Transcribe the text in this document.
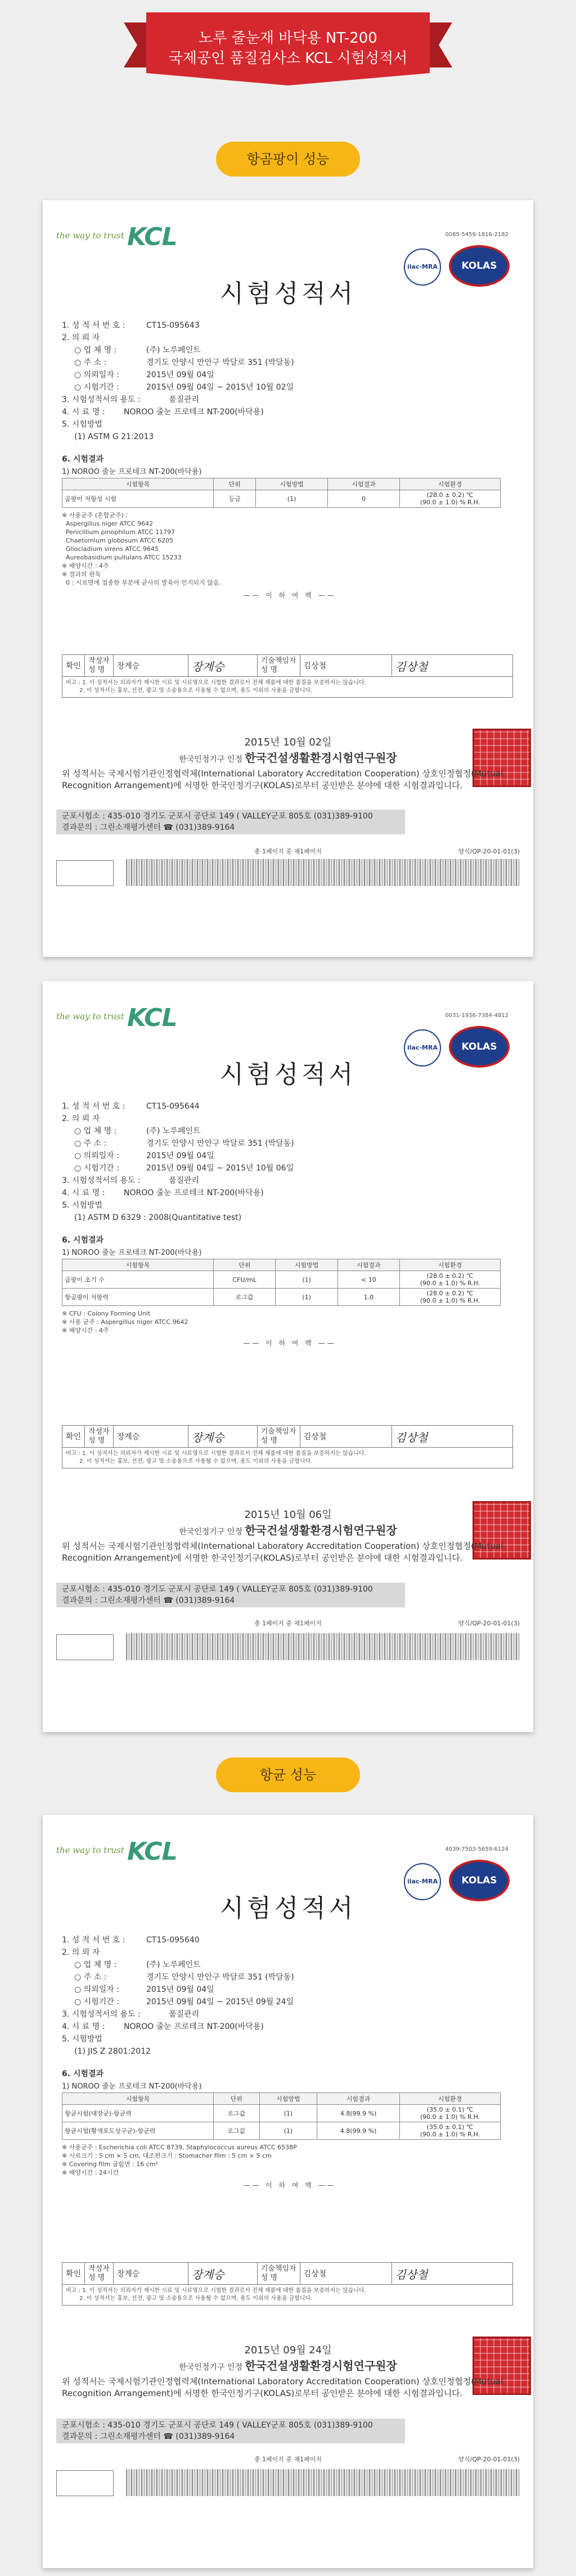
노루 줄눈재 바닥용 NT-200
국제공인 품질검사소 KCL 시험성적서
항곰팡이 성능
the way to trust KCL	0085-5459-1816-2182
ilac-MRA	KOLAS
시험성적서
1. 성 적 서 번 호 :	CT15-095643
2. 의 뢰 자
○ 업 체 명 :	(주) 노루페인트
○ 주 소 :	경기도 안양시 만안구 박달로 351 (박달동)
○ 의뢰일자 :	2015년 09월 04일
○ 시험기간 :	2015년 09월 04일 ~ 2015년 10월 02일
3. 시험성적서의 용도 :	품질관리
4. 시 료 명 : NOROO 줄눈 프로테크 NT-200(바닥용)
5. 시험방법
(1) ASTM G 21:2013
6. 시험결과
1) NOROO 줄눈 프로테크 NT-200(바닥용)
시험항목	단위	시험방법	시험결과	시험환경
곰팡이 저항성 시험	등급	(1)	0	(28.0 ± 0.2) ℃
(90.0 ± 1.0) % R.H.
※ 사용균주 (혼합균주) :
Aspergillus niger ATCC 9642
Penicillium pinophilum ATCC 11797
Chaetomium globosum ATCC 6205
Gliocladium virens ATCC 9645
Aureobasidium pullulans ATCC 15233
※ 배양시간 : 4주
※ 결과의 판독
0 : 시료면에 접종한 부분에 균사의 발육이 인지되지 않음.
—— 이 하 여 백 ——
확인
작성자
성 명	장계승	장계승	기술책임자
성 명	김상철	김상철
비고 : 1. 이 성적서는 의뢰자가 제시한 시료 및 시료명으로 시험한 결과로서 전체 제품에 대한 품질을 보증하지는 않습니다.
2. 이 성적서는 홍보, 선전, 광고 및 소송용으로 사용될 수 없으며, 용도 이외의 사용을 금합니다.
2015년 10월 02일
한국인정기구 인정 한국건설생활환경시험연구원장
위 성적서는 국제시험기관인정협력체(International Laboratory Accreditation Cooperation) 상호인정협정(Mutual Recognition Arrangement)에 서명한 한국인정기구(KOLAS)로부터 공인받은 분야에 대한 시험결과입니다.
군포시험소 : 435-010 경기도 군포시 공단로 149 ( VALLEY군포 805호 (031)389-9100
결과문의 : 그린소재평가센터 ☎ (031)389-9164
총 1페이지 중 제1페이지	양식/QP-20-01-01(3)
the way to trust KCL	0031-1936-7384-4812
ilac-MRA	KOLAS
시험성적서
1. 성 적 서 번 호 :	CT15-095644
2. 의 뢰 자
○ 업 체 명 :	(주) 노루페인트
○ 주 소 :	경기도 안양시 만안구 박달로 351 (박달동)
○ 의뢰일자 :	2015년 09월 04일
○ 시험기간 :	2015년 09월 04일 ~ 2015년 10월 06일
3. 시험성적서의 용도 :	품질관리
4. 시 료 명 : NOROO 줄눈 프로테크 NT-200(바닥용)
5. 시험방법
(1) ASTM D 6329 : 2008(Quantitative test)
6. 시험결과
1) NOROO 줄눈 프로테크 NT-200(바닥용)
시험항목	단위	시험방법	시험결과	시험환경
곰팡이 초기 수	CFU/mL	(1)	< 10	(28.0 ± 0.2) ℃
(90.0 ± 1.0) % R.H.
항곰팡이 저항력	로그값	(1)	1.0	(28.0 ± 0.2) ℃
(90.0 ± 1.0) % R.H.
※ CFU : Colony Forming Unit
※ 사용 균주 : Aspergillus niger ATCC 9642
※ 배양시간 : 4주
—— 이 하 여 백 ——
확인
작성자
성 명	장계승	장계승	기술책임자
성 명	김상철	김상철
비고 : 1. 이 성적서는 의뢰자가 제시한 시료 및 시료명으로 시험한 결과로서 전체 제품에 대한 품질을 보증하지는 않습니다.
2. 이 성적서는 홍보, 선전, 광고 및 소송용으로 사용될 수 없으며, 용도 이외의 사용을 금합니다.
2015년 10월 06일
한국인정기구 인정 한국건설생활환경시험연구원장
위 성적서는 국제시험기관인정협력체(International Laboratory Accreditation Cooperation) 상호인정협정(Mutual Recognition Arrangement)에 서명한 한국인정기구(KOLAS)로부터 공인받은 분야에 대한 시험결과입니다.
군포시험소 : 435-010 경기도 군포시 공단로 149 ( VALLEY군포 805호 (031)389-9100
결과문의 : 그린소재평가센터 ☎ (031)389-9164
총 1페이지 중 제1페이지	양식/QP-20-01-01(3)
항균 성능
the way to trust KCL	4039-7503-5659-6124
ilac-MRA	KOLAS
시험성적서
1. 성 적 서 번 호 :	CT15-095640
2. 의 뢰 자
○ 업 체 명 :	(주) 노루페인트
○ 주 소 :	경기도 안양시 만안구 박달로 351 (박달동)
○ 의뢰일자 :	2015년 09월 04일
○ 시험기간 :	2015년 09월 04일 ~ 2015년 09월 24일
3. 시험성적서의 용도 :	품질관리
4. 시 료 명 : NOROO 줄눈 프로테크 NT-200(바닥용)
5. 시험방법
(1) JIS Z 2801:2012
6. 시험결과
1) NOROO 줄눈 프로테크 NT-200(바닥용)
시험항목	단위	시험방법	시험결과	시험환경
항균시험(대장균)-항균력	로그값	(1)	4.8(99.9 %)	(35.0 ± 0.1) ℃
(90.0 ± 1.0) % R.H.
항균시험(황색포도상구균)-항균력	로그값	(1)	4.8(99.9 %)	(35.0 ± 0.1) ℃
(90.0 ± 1.0) % R.H.
※ 사용균주 : Escherichia coli ATCC 8739, Staphylococcus aureus ATCC 6538P
※ 시료크기 : 5 cm × 5 cm, 대조편크기 : Stomacher film : 5 cm × 5 cm
※ Covering film 굽힘면 : 16 cm²
※ 배양시간 : 24시간
—— 이 하 여 백 ——
확인
작성자
성 명	장계승	장계승	기술책임자
성 명	김상철	김상철
비고 : 1. 이 성적서는 의뢰자가 제시한 시료 및 시료명으로 시험한 결과로서 전체 제품에 대한 품질을 보증하지는 않습니다.
2. 이 성적서는 홍보, 선전, 광고 및 소송용으로 사용될 수 없으며, 용도 이외의 사용을 금합니다.
2015년 09월 24일
한국인정기구 인정 한국건설생활환경시험연구원장
위 성적서는 국제시험기관인정협력체(International Laboratory Accreditation Cooperation) 상호인정협정(Mutual Recognition Arrangement)에 서명한 한국인정기구(KOLAS)로부터 공인받은 분야에 대한 시험결과입니다.
군포시험소 : 435-010 경기도 군포시 공단로 149 ( VALLEY군포 805호 (031)389-9100
결과문의 : 그린소재평가센터 ☎ (031)389-9164
총 1페이지 중 제1페이지	양식/QP-20-01-01(3)
